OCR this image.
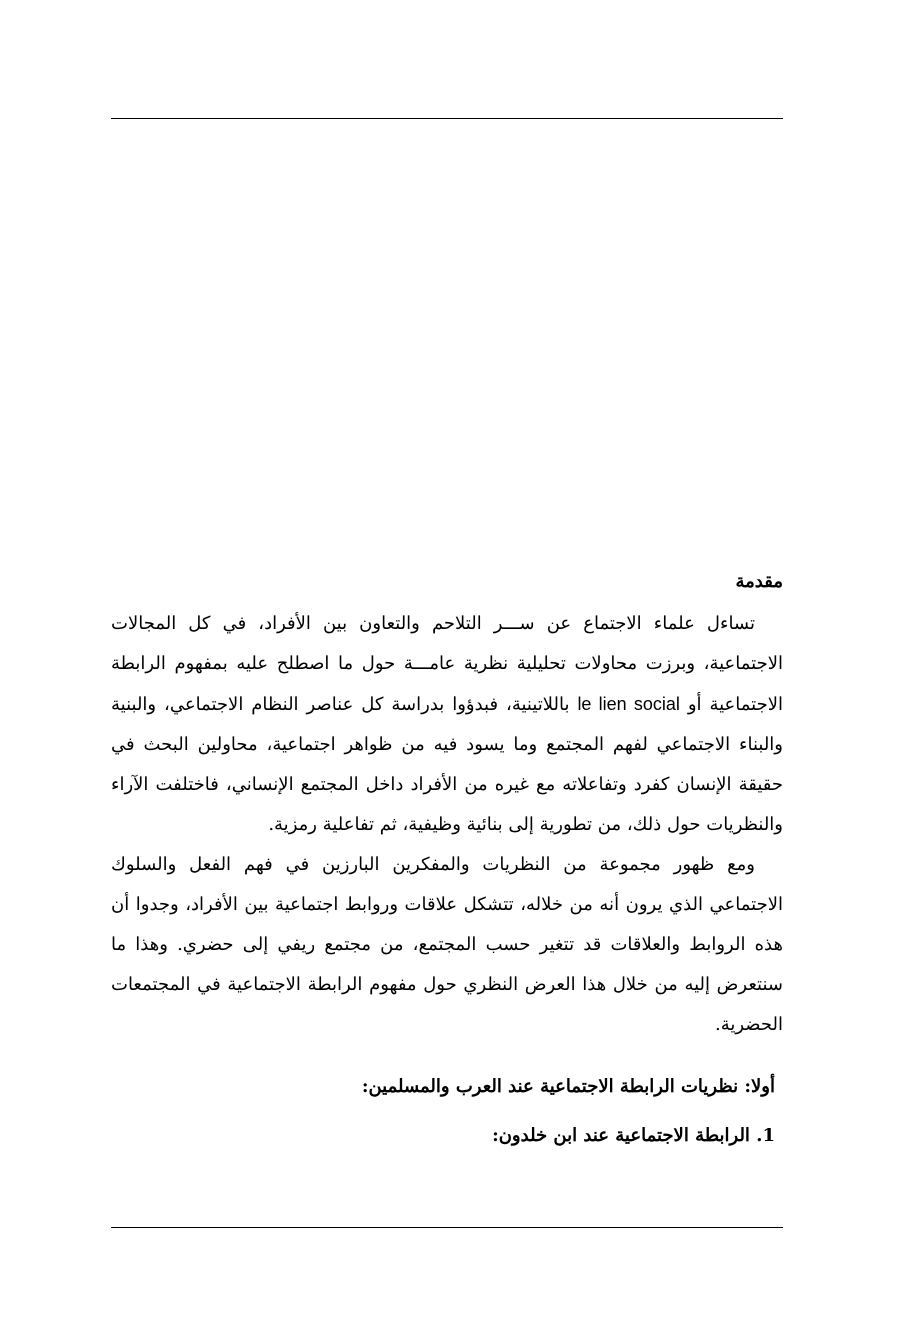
مقدمة

تساءل علماء الاجتماع عن ســـر التلاحم والتعاون بين الأفراد، في كل المجالات الاجتماعية، وبرزت محاولات تحليلية نظرية عامـــة حول ما اصطلح عليه بمفهوم الرابطة الاجتماعية أو le lien social باللاتينية، فبدؤوا بدراسة كل عناصر النظام الاجتماعي، والبنية والبناء الاجتماعي لفهم المجتمع وما يسود فيه من ظواهر اجتماعية، محاولين البحث في حقيقة الإنسان كفرد وتفاعلاته مع غيره من الأفراد داخل المجتمع الإنساني، فاختلفت الآراء والنظريات حول ذلك، من تطورية إلى بنائية وظيفية، ثم تفاعلية رمزية.

ومع ظهور مجموعة من النظريات والمفكرين البارزين في فهم الفعل والسلوك الاجتماعي الذي يرون أنه من خلاله، تتشكل علاقات وروابط اجتماعية بين الأفراد، وجدوا أن هذه الروابط والعلاقات قد تتغير حسب المجتمع، من مجتمع ريفي إلى حضري. وهذا ما سنتعرض إليه من خلال هذا العرض النظري حول مفهوم الرابطة الاجتماعية في المجتمعات الحضرية.

أولا: نظريات الرابطة الاجتماعية عند العرب والمسلمين:
1. الرابطة الاجتماعية عند ابن خلدون:
